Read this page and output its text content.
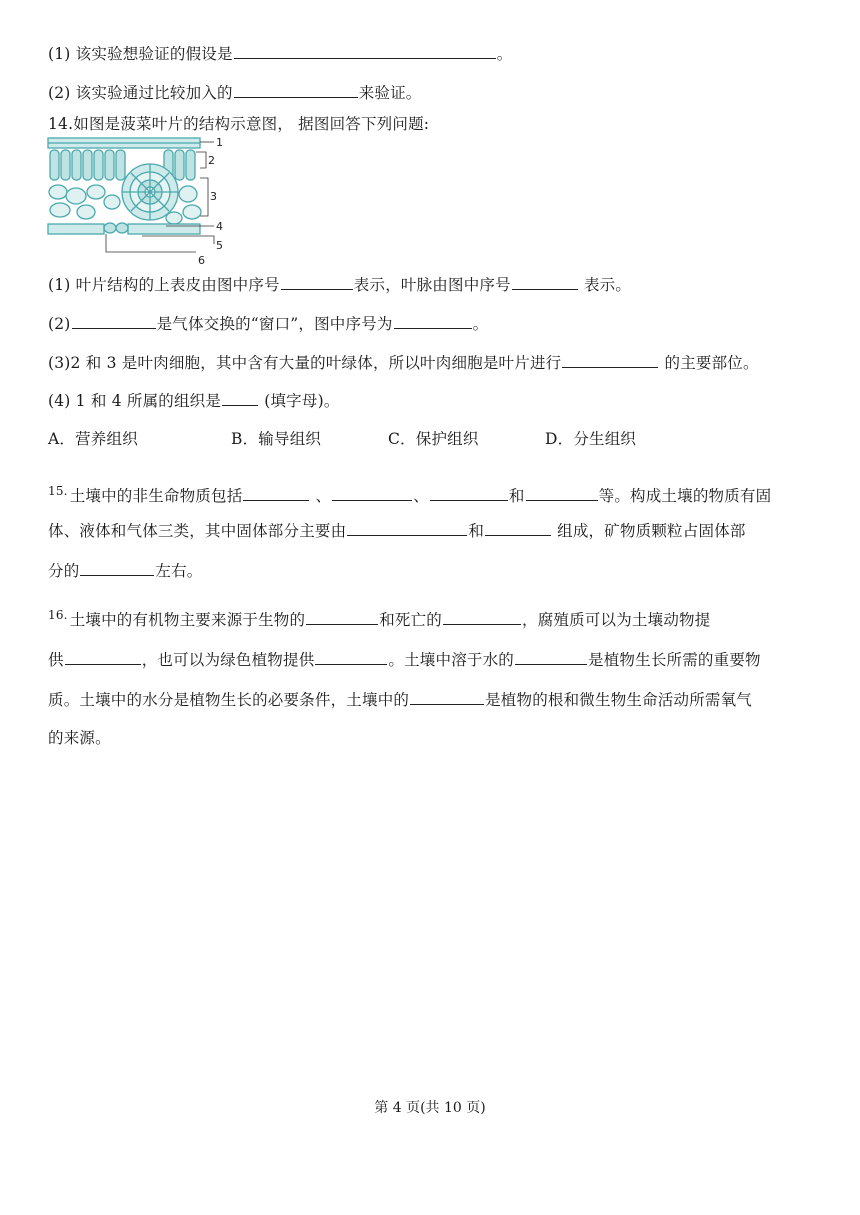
(1) 该实验想验证的假设是	。
(2) 该实验通过比较加入的	来验证。
14.如图是菠菜叶片的结构示意图， 据图回答下列问题:
1
2
3
4
5
6
(1) 叶片结构的上表皮由图中序号	表示，叶脉由图中序号	表示。
(2)	是气体交换的“窗口”，图中序号为	。
(3)2 和 3 是叶肉细胞，其中含有大量的叶绿体，所以叶肉细胞是叶片进行	的主要部位。
(4) 1 和 4 所属的组织是 (填字母)。
A．营养组织	B．输导组织	C．保护组织	D．分生组织
$^{15.}$ 土壤中的非生命物质包括	、	、	和	等。构成土壤的物质有固
体、液体和气体三类，其中固体部分主要由	和	组成，矿物质颗粒占固体部
分的	左右。
$^{16.}$ 土壤中的有机物主要来源于生物的	和死亡的	，腐殖质可以为土壤动物提
供	，也可以为绿色植物提供	。土壤中溶于水的	是植物生长所需的重要物
质。土壤中的水分是植物生长的必要条件，土壤中的	是植物的根和微生物生命活动所需氧气
的来源。
第 4 页(共 10 页)
